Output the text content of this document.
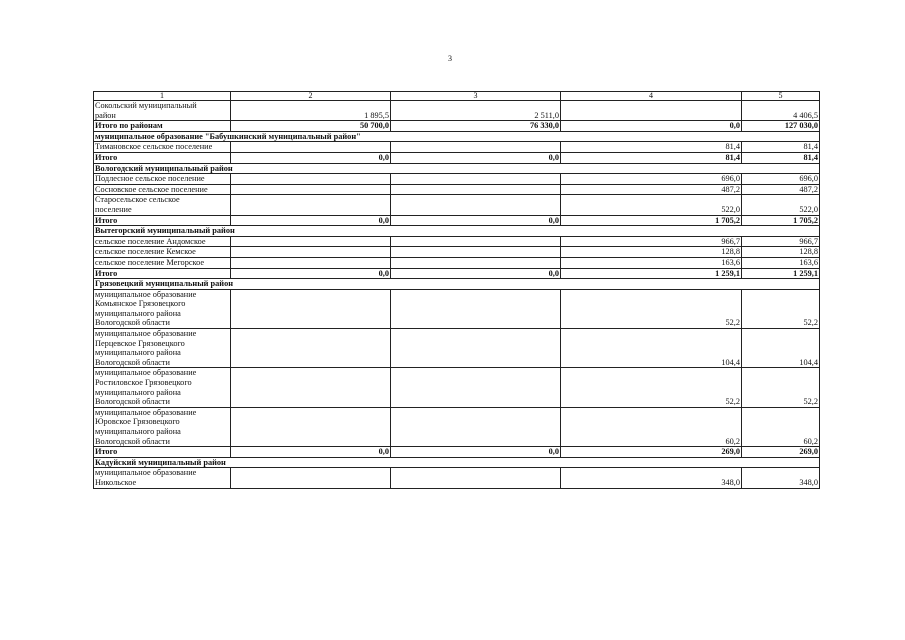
3
1	2	3	4	5

Сокольский муниципальный
район	1 895,5	2 511,0		4 406,5

Итого по районам	50 700,0	76 330,0	0,0	127 030,0

муниципальное образование "Бабушкинский муниципальный район"				

Тимановское сельское поселение			81,4	81,4

Итого	0,0	0,0	81,4	81,4

Вологодский муниципальный район				

Подлесное сельское поселение			696,0	696,0

Сосновское сельское поселение			487,2	487,2

Старосельское сельское
поселение			522,0	522,0

Итого	0,0	0,0	1 705,2	1 705,2

Вытегорский муниципальный район				

сельское поселение Андомское			966,7	966,7

сельское поселение Кемское			128,8	128,8

сельское поселение Мегорское			163,6	163,6

Итого	0,0	0,0	1 259,1	1 259,1

Грязовецкий муниципальный район				

муниципальное образование
Комьянское Грязовецкого
муниципального района
Вологодской области			52,2	52,2

муниципальное образование
Перцевское Грязовецкого
муниципального района
Вологодской области			104,4	104,4

муниципальное образование
Ростиловское Грязовецкого
муниципального района
Вологодской области			52,2	52,2

муниципальное образование
Юровское Грязовецкого
муниципального района
Вологодской области			60,2	60,2

Итого	0,0	0,0	269,0	269,0

Кадуйский муниципальный район				

муниципальное образование
Никольское			348,0	348,0
